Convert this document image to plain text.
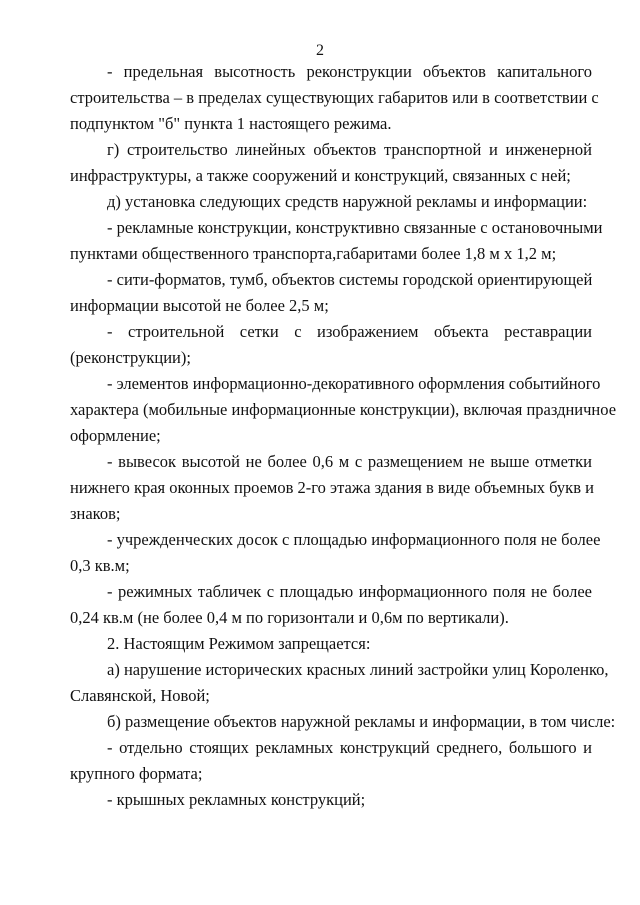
2
- предельная высотность реконструкции объектов капитального
строительства – в пределах существующих габаритов или в соответствии с
подпунктом "б" пункта 1 настоящего режима.
г) строительство линейных объектов транспортной и инженерной
инфраструктуры, а также сооружений и конструкций, связанных с ней;
д) установка следующих средств наружной рекламы и информации:
- рекламные конструкции, конструктивно связанные с остановочными
пунктами общественного транспорта,габаритами более 1,8 м х 1,2 м;
- сити-форматов, тумб, объектов системы городской ориентирующей
информации высотой не более 2,5 м;
- строительной сетки с изображением объекта реставрации
(реконструкции);
- элементов информационно-декоративного оформления событийного
характера (мобильные информационные конструкции), включая праздничное
оформление;
- вывесок высотой не более 0,6 м с размещением не выше отметки
нижнего края оконных проемов 2-го этажа здания в виде объемных букв и
знаков;
- учрежденческих досок с площадью информационного поля не более
0,3 кв.м;
- режимных табличек с площадью информационного поля не более
0,24 кв.м (не более 0,4 м по горизонтали и 0,6м по вертикали).
2. Настоящим Режимом запрещается:
а) нарушение исторических красных линий застройки улиц Короленко,
Славянской, Новой;
б) размещение объектов наружной рекламы и информации, в том числе:
- отдельно стоящих рекламных конструкций среднего, большого и
крупного формата;
- крышных рекламных конструкций;
